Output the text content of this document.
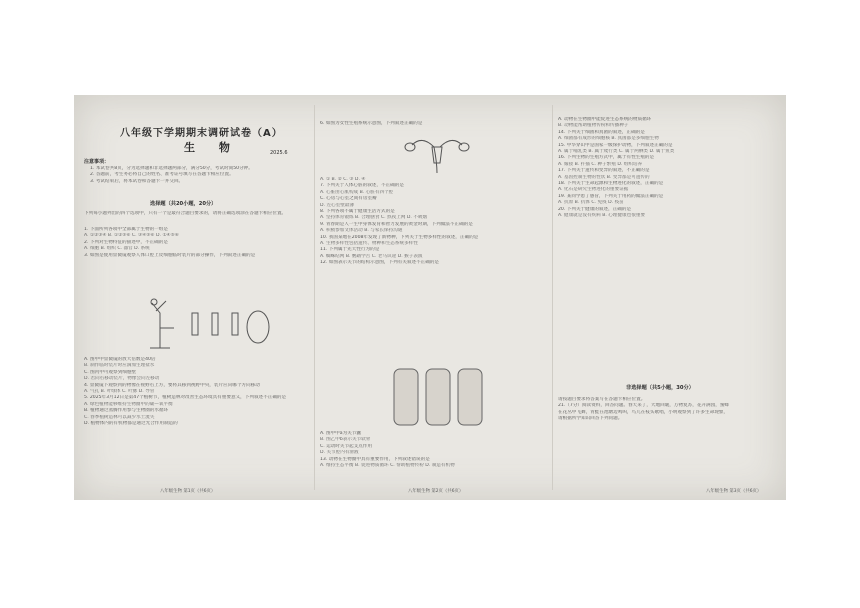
八年级下学期期末调研试卷（A）
生 物	2025.6
注意事项：
1. 本试卷共8页，分为选择题和非选择题两部分，满分50分，考试时间50分钟。
2. 答题前，考生务必将自己的姓名、准考证号填写在答题卡相应位置。
3. 考试结束后，将本试卷和答题卡一并交回。
选择题（共20小题，20分）
下列每小题列出的四个选项中，只有一个是最符合题目要求的，请将正确选项涂在答题卡相应位置。
1. 下面所列各项中全部属于生物的一组是
A. ①②③④ B. ①②⑤⑥ C. ③④⑤⑥ D. ①④⑤⑥
2. 下列对生物特征的描述中，不正确的是
A. 细胞 B. 组织 C. 器官 D. 系统
3. 如图是使用显微镜观察人体口腔上皮细胞临时装片的部分操作，下列叙述正确的是
A. 图甲中显微镜的放大倍数是40倍
B. 制作临时装片时应滴加生理盐水
C. 图丙中可观察到细胞壁
D. 若向右移动装片，物像会向左移动
4. 显微镜下观察到的物像在视野右上方，要将其移到视野中央，装片应向哪个方向移动
A. 气孔 B. 叶绿体 C. 叶脉 D. 导管
5. 2025年3月12日是第47个植树节，植树造林对改善生态环境具有重要意义，下列叙述不正确的是
A. 绿色植物能够维持生物圈中的碳—氧平衡
B. 植物通过蒸腾作用参与生物圈的水循环
C. 春季植树造林可以减少水土流失
D. 植物体内的有机物都是通过光合作用制造的
八年级生物 第1页（共6页）
6. 如图为女性生殖系统示意图，下列叙述正确的是
A. ① B. ② C. ③ D. ④
7. 下列关于人体心脏的叙述，不正确的是
A. 心脏由心肌构成 B. 心脏有四个腔
C. 心房与心室之间有房室瓣
D. 左心室壁最薄
8. 下列各项不属于健康生活方式的是
A. 坚持体育锻炼 B. 合理膳食 C. 熬夜上网 D. 不吸烟
9. 青春期是人一生中身体发育和智力发展的黄金时期，下列做法不正确的是
A. 积极参加文体活动 B. 与家长保持沟通
10. 我国某地在2008年发现了新物种，下列关于生物多样性的叙述，正确的是
A. 生物多样性包括遗传、物种和生态系统多样性
11. 下列属于先天性行为的是
A. 蜘蛛结网 B. 鹦鹉学舌 C. 老马识途 D. 猴子表演
12. 如图表示关节的结构示意图，下列有关叙述不正确的是
A. 图甲中a为关节囊
B. 图乙中b表示关节软骨
C. 运动时关节起支点作用
D. 关节腔内有滑液
13. 动物在生物圈中具有重要作用，下列叙述错误的是
A. 维持生态平衡 B. 促进物质循环 C. 帮助植物传粉 D. 制造有机物
八年级生物 第2页（共6页）
A. 动物在生物圈中能促进生态系统的物质循环
B. 动物能帮助植物传粉和传播种子
14. 下列关于细菌和真菌的叙述，正确的是
A. 细菌都有成形的细胞核 B. 真菌都是多细胞生物
15. 中华穿山甲是国家一级保护动物，下列叙述正确的是
A. 属于哺乳类 B. 属于爬行类 C. 属于两栖类 D. 属于鱼类
16. 下列生物的生殖方式中，属于有性生殖的是
A. 嫁接 B. 扦插 C. 种子繁殖 D. 组织培养
17. 下列关于遗传和变异的叙述，不正确的是
A. 基因控制生物的性状 B. 变异都是可遗传的
18. 下列关于生命起源和生物进化的叙述，正确的是
A. 化石是研究生物进化的重要证据
19. 某同学患了感冒，下列关于用药的做法正确的是
A. 抗原 B. 抗体 C. 免疫 D. 疫苗
20. 下列关于健康的叙述，正确的是
A. 健康就是没有疾病 B. 心理健康也很重要
非选择题（共5小题，30分）
请按题目要求将答案写在答题卡相应位置。
21.（7分）阅读资料，回答问题。春天来了，大地回暖，万物复苏，花开满园，蜜蜂
在花丛中飞舞，青蛙在池塘边鸣叫，鸟儿在枝头歌唱，小明观察到了许多生命现象，
请根据所学知识回答下列问题。
八年级生物 第3页（共6页）
